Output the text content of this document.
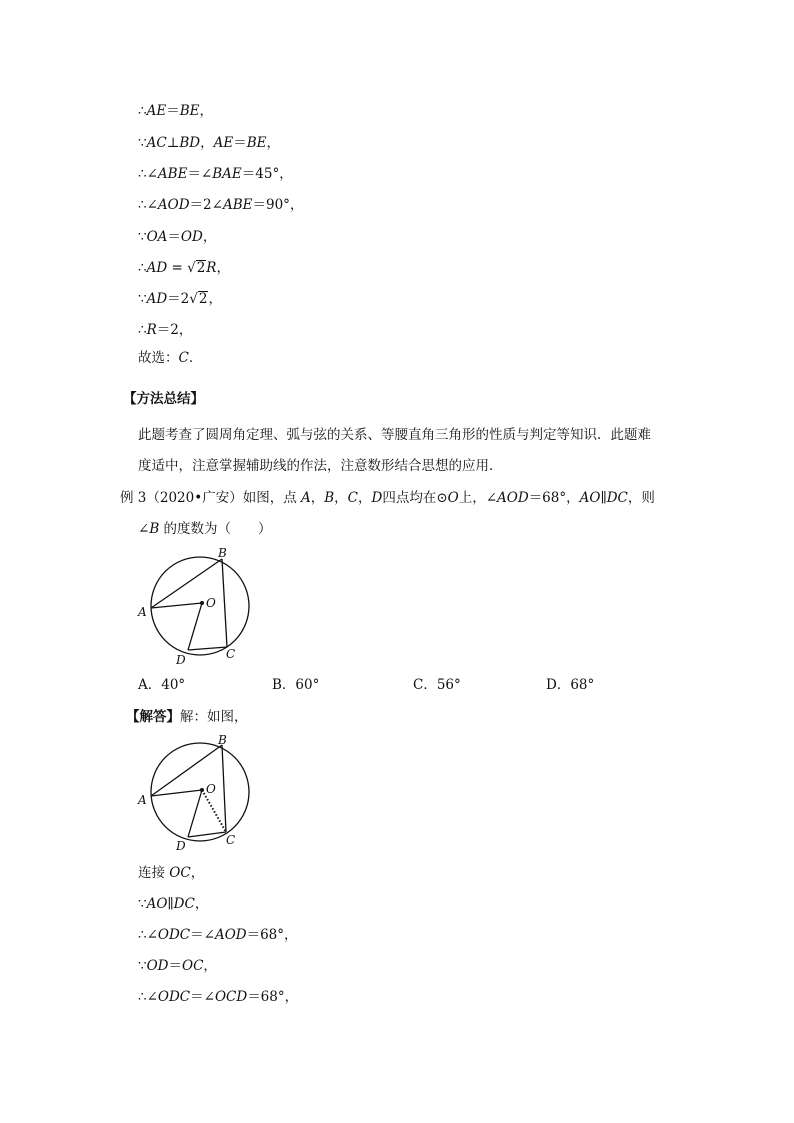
∴AE＝BE，
∵AC⊥BD，AE＝BE，
∴∠ABE＝∠BAE＝45°，
∴∠AOD＝2∠ABE＝90°，
∵OA＝OD，
∴AD = √2R，
∵AD＝2√2，
∴R＝2，
故选：C．
【方法总结】
此题考查了圆周角定理、弧与弦的关系、等腰直角三角形的性质与判定等知识．此题难
度适中，注意掌握辅助线的作法，注意数形结合思想的应用．
例 3（2020•广安）如图，点 A，B，C，D四点均在⊙O上，∠AOD＝68°，AO∥DC，则
∠B 的度数为（　　）
B
A
O
D	C
A．40°	B．60°	C．56°	D．68°
【解答】解：如图，
B
A
O
D	C
连接 OC，
∵AO∥DC，
∴∠ODC＝∠AOD＝68°，
∵OD＝OC，
∴∠ODC＝∠OCD＝68°，
